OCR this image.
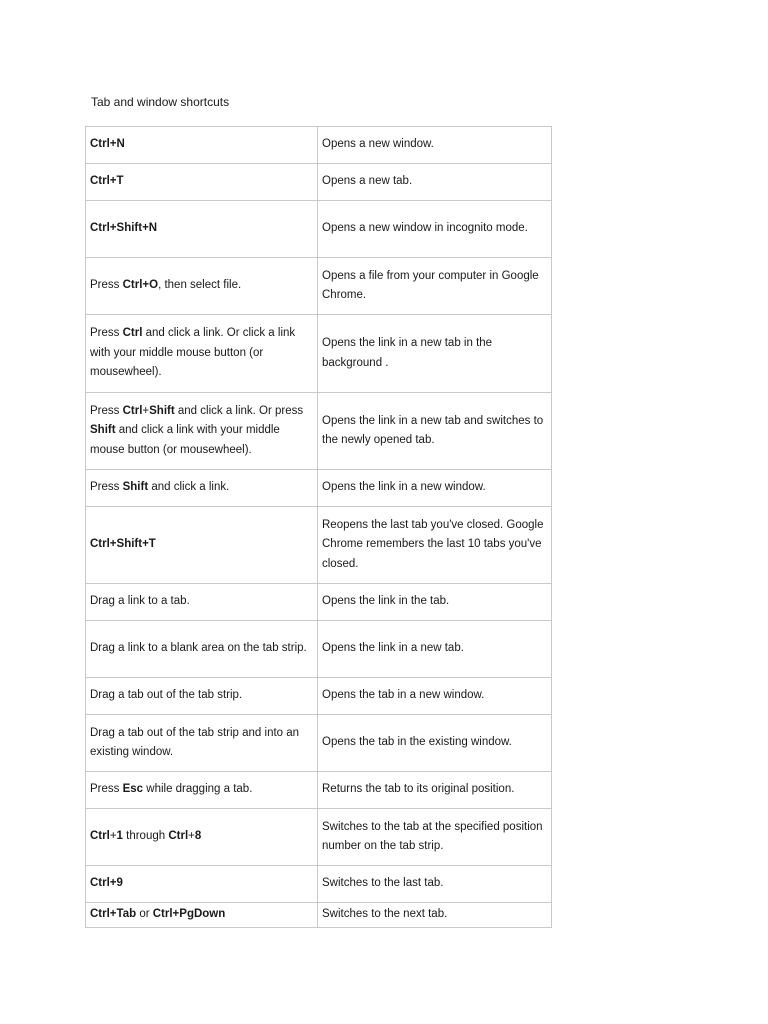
Tab and window shortcuts
Ctrl+N	Opens a new window.
Ctrl+T	Opens a new tab.
Ctrl+Shift+N	Opens a new window in incognito mode.
Press Ctrl+O, then select file.	Opens a file from your computer in Google Chrome.
Press Ctrl and click a link. Or click a link with your middle mouse button (or mousewheel).	Opens the link in a new tab in the background .
Press Ctrl+Shift and click a link. Or press Shift and click a link with your middle mouse button (or mousewheel).	Opens the link in a new tab and switches to the newly opened tab.
Press Shift and click a link.	Opens the link in a new window.
Ctrl+Shift+T	Reopens the last tab you've closed. Google Chrome remembers the last 10 tabs you've closed.
Drag a link to a tab.	Opens the link in the tab.
Drag a link to a blank area on the tab strip.	Opens the link in a new tab.
Drag a tab out of the tab strip.	Opens the tab in a new window.
Drag a tab out of the tab strip and into an existing window.	Opens the tab in the existing window.
Press Esc while dragging a tab.	Returns the tab to its original position.
Ctrl+1 through Ctrl+8	Switches to the tab at the specified position number on the tab strip.
Ctrl+9	Switches to the last tab.
Ctrl+Tab or Ctrl+PgDown	Switches to the next tab.
